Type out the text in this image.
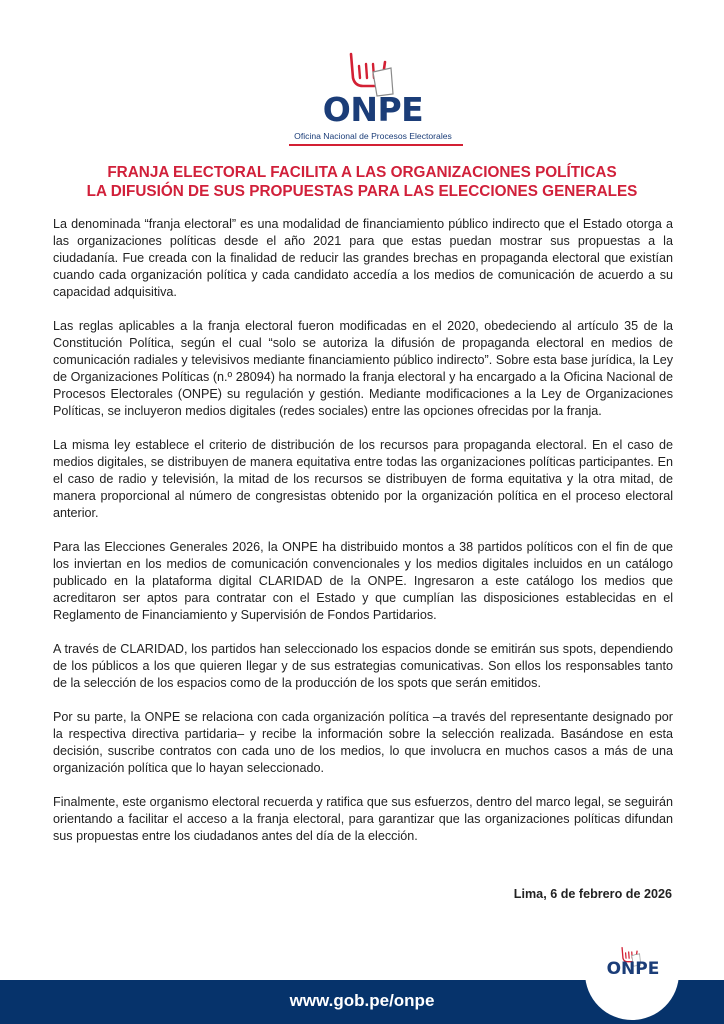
ONPE
Oficina Nacional de Procesos Electorales
FRANJA ELECTORAL FACILITA A LAS ORGANIZACIONES POLÍTICAS
LA DIFUSIÓN DE SUS PROPUESTAS PARA LAS ELECCIONES GENERALES

La denominada “franja electoral” es una modalidad de financiamiento público indirecto que el Estado otorga a las organizaciones políticas desde el año 2021 para que estas puedan mostrar sus propuestas a la ciudadanía. Fue creada con la finalidad de reducir las grandes brechas en propaganda electoral que existían cuando cada organización política y cada candidato accedía a los medios de comunicación de acuerdo a su capacidad adquisitiva.

Las reglas aplicables a la franja electoral fueron modificadas en el 2020, obedeciendo al artículo 35 de la Constitución Política, según el cual “solo se autoriza la difusión de propaganda electoral en medios de comunicación radiales y televisivos mediante financiamiento público indirecto”. Sobre esta base jurídica, la Ley de Organizaciones Políticas (n.º 28094) ha normado la franja electoral y ha encargado a la Oficina Nacional de Procesos Electorales (ONPE) su regulación y gestión. Mediante modificaciones a la Ley de Organizaciones Políticas, se incluyeron medios digitales (redes sociales) entre las opciones ofrecidas por la franja.

La misma ley establece el criterio de distribución de los recursos para propaganda electoral. En el caso de medios digitales, se distribuyen de manera equitativa entre todas las organizaciones políticas participantes. En el caso de radio y televisión, la mitad de los recursos se distribuyen de forma equitativa y la otra mitad, de manera proporcional al número de congresistas obtenido por la organización política en el proceso electoral anterior.

Para las Elecciones Generales 2026, la ONPE ha distribuido montos a 38 partidos políticos con el fin de que los inviertan en los medios de comunicación convencionales y los medios digitales incluidos en un catálogo publicado en la plataforma digital CLARIDAD de la ONPE. Ingresaron a este catálogo los medios que acreditaron ser aptos para contratar con el Estado y que cumplían las disposiciones establecidas en el Reglamento de Financiamiento y Supervisión de Fondos Partidarios.

A través de CLARIDAD, los partidos han seleccionado los espacios donde se emitirán sus spots, dependiendo de los públicos a los que quieren llegar y de sus estrategias comunicativas. Son ellos los responsables tanto de la selección de los espacios como de la producción de los spots que serán emitidos.

Por su parte, la ONPE se relaciona con cada organización política –a través del representante designado por la respectiva directiva partidaria– y recibe la información sobre la selección realizada. Basándose en esta decisión, suscribe contratos con cada uno de los medios, lo que involucra en muchos casos a más de una organización política que lo hayan seleccionado.

Finalmente, este organismo electoral recuerda y ratifica que sus esfuerzos, dentro del marco legal, se seguirán orientando a facilitar el acceso a la franja electoral, para garantizar que las organizaciones políticas difundan sus propuestas entre los ciudadanos antes del día de la elección.

Lima, 6 de febrero de 2026
ONPE
www.gob.pe/onpe
